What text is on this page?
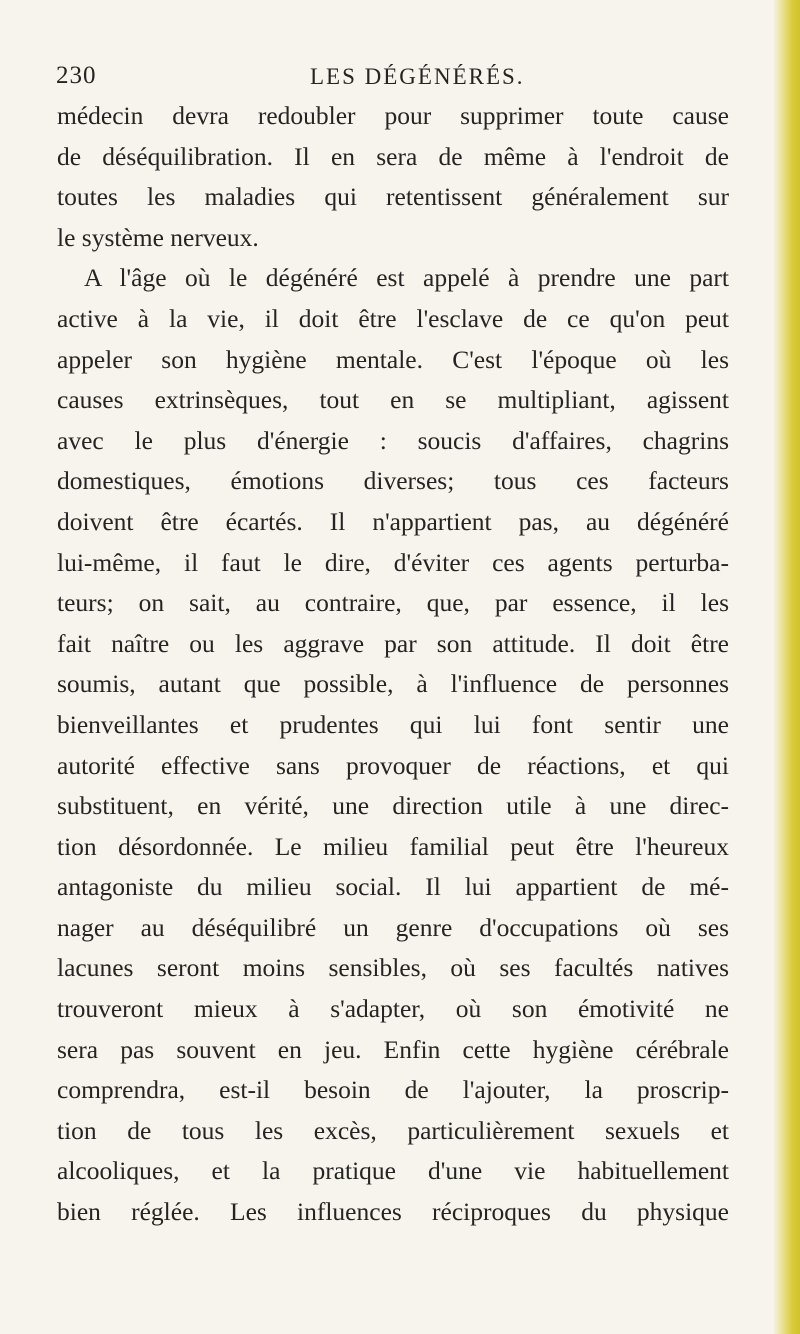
230	LES DÉGÉNÉRÉS.
médecin devra redoubler pour supprimer toute cause
de déséquilibration. Il en sera de même à l'endroit de
toutes les maladies qui retentissent généralement sur
le système nerveux.
A l'âge où le dégénéré est appelé à prendre une part
active à la vie, il doit être l'esclave de ce qu'on peut
appeler son hygiène mentale. C'est l'époque où les
causes extrinsèques, tout en se multipliant, agissent
avec le plus d'énergie : soucis d'affaires, chagrins
domestiques, émotions diverses; tous ces facteurs
doivent être écartés. Il n'appartient pas, au dégénéré
lui-même, il faut le dire, d'éviter ces agents perturba-
teurs; on sait, au contraire, que, par essence, il les
fait naître ou les aggrave par son attitude. Il doit être
soumis, autant que possible, à l'influence de personnes
bienveillantes et prudentes qui lui font sentir une
autorité effective sans provoquer de réactions, et qui
substituent, en vérité, une direction utile à une direc-
tion désordonnée. Le milieu familial peut être l'heureux
antagoniste du milieu social. Il lui appartient de mé-
nager au déséquilibré un genre d'occupations où ses
lacunes seront moins sensibles, où ses facultés natives
trouveront mieux à s'adapter, où son émotivité ne
sera pas souvent en jeu. Enfin cette hygiène cérébrale
comprendra, est-il besoin de l'ajouter, la proscrip-
tion de tous les excès, particulièrement sexuels et
alcooliques, et la pratique d'une vie habituellement
bien réglée. Les influences réciproques du physique
